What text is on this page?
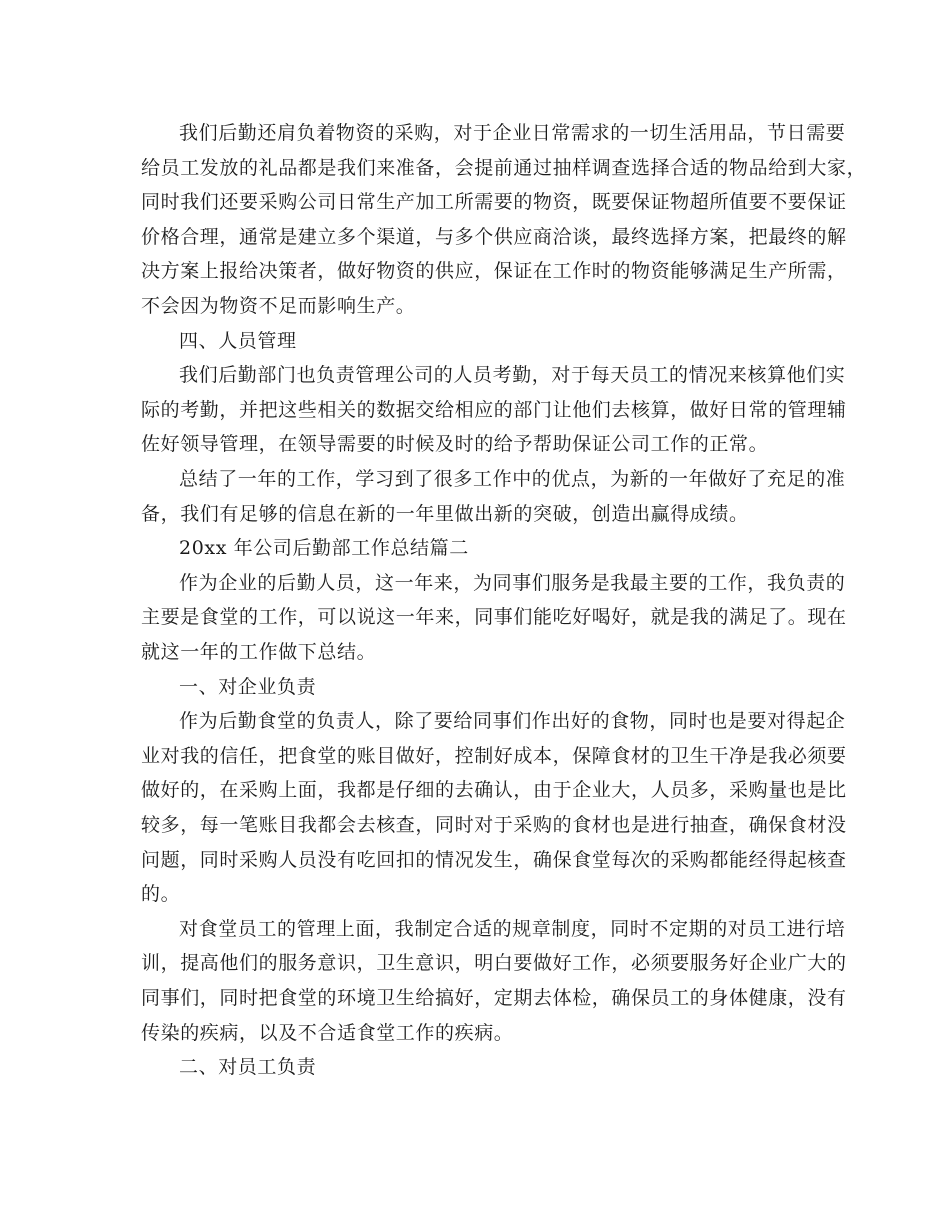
我们后勤还肩负着物资的采购，对于企业日常需求的一切生活用品，节日需要
给员工发放的礼品都是我们来准备，会提前通过抽样调查选择合适的物品给到大家，
同时我们还要采购公司日常生产加工所需要的物资，既要保证物超所值要不要保证
价格合理，通常是建立多个渠道，与多个供应商洽谈，最终选择方案，把最终的解
决方案上报给决策者，做好物资的供应，保证在工作时的物资能够满足生产所需，
不会因为物资不足而影响生产。
四、人员管理
我们后勤部门也负责管理公司的人员考勤，对于每天员工的情况来核算他们实
际的考勤，并把这些相关的数据交给相应的部门让他们去核算，做好日常的管理辅
佐好领导管理，在领导需要的时候及时的给予帮助保证公司工作的正常。
总结了一年的工作，学习到了很多工作中的优点，为新的一年做好了充足的准
备，我们有足够的信息在新的一年里做出新的突破，创造出赢得成绩。
20xx 年公司后勤部工作总结篇二
作为企业的后勤人员，这一年来，为同事们服务是我最主要的工作，我负责的
主要是食堂的工作，可以说这一年来，同事们能吃好喝好，就是我的满足了。现在
就这一年的工作做下总结。
一、对企业负责
作为后勤食堂的负责人，除了要给同事们作出好的食物，同时也是要对得起企
业对我的信任，把食堂的账目做好，控制好成本，保障食材的卫生干净是我必须要
做好的，在采购上面，我都是仔细的去确认，由于企业大，人员多，采购量也是比
较多，每一笔账目我都会去核查，同时对于采购的食材也是进行抽查，确保食材没
问题，同时采购人员没有吃回扣的情况发生，确保食堂每次的采购都能经得起核查
的。
对食堂员工的管理上面，我制定合适的规章制度，同时不定期的对员工进行培
训，提高他们的服务意识，卫生意识，明白要做好工作，必须要服务好企业广大的
同事们，同时把食堂的环境卫生给搞好，定期去体检，确保员工的身体健康，没有
传染的疾病，以及不合适食堂工作的疾病。
二、对员工负责
